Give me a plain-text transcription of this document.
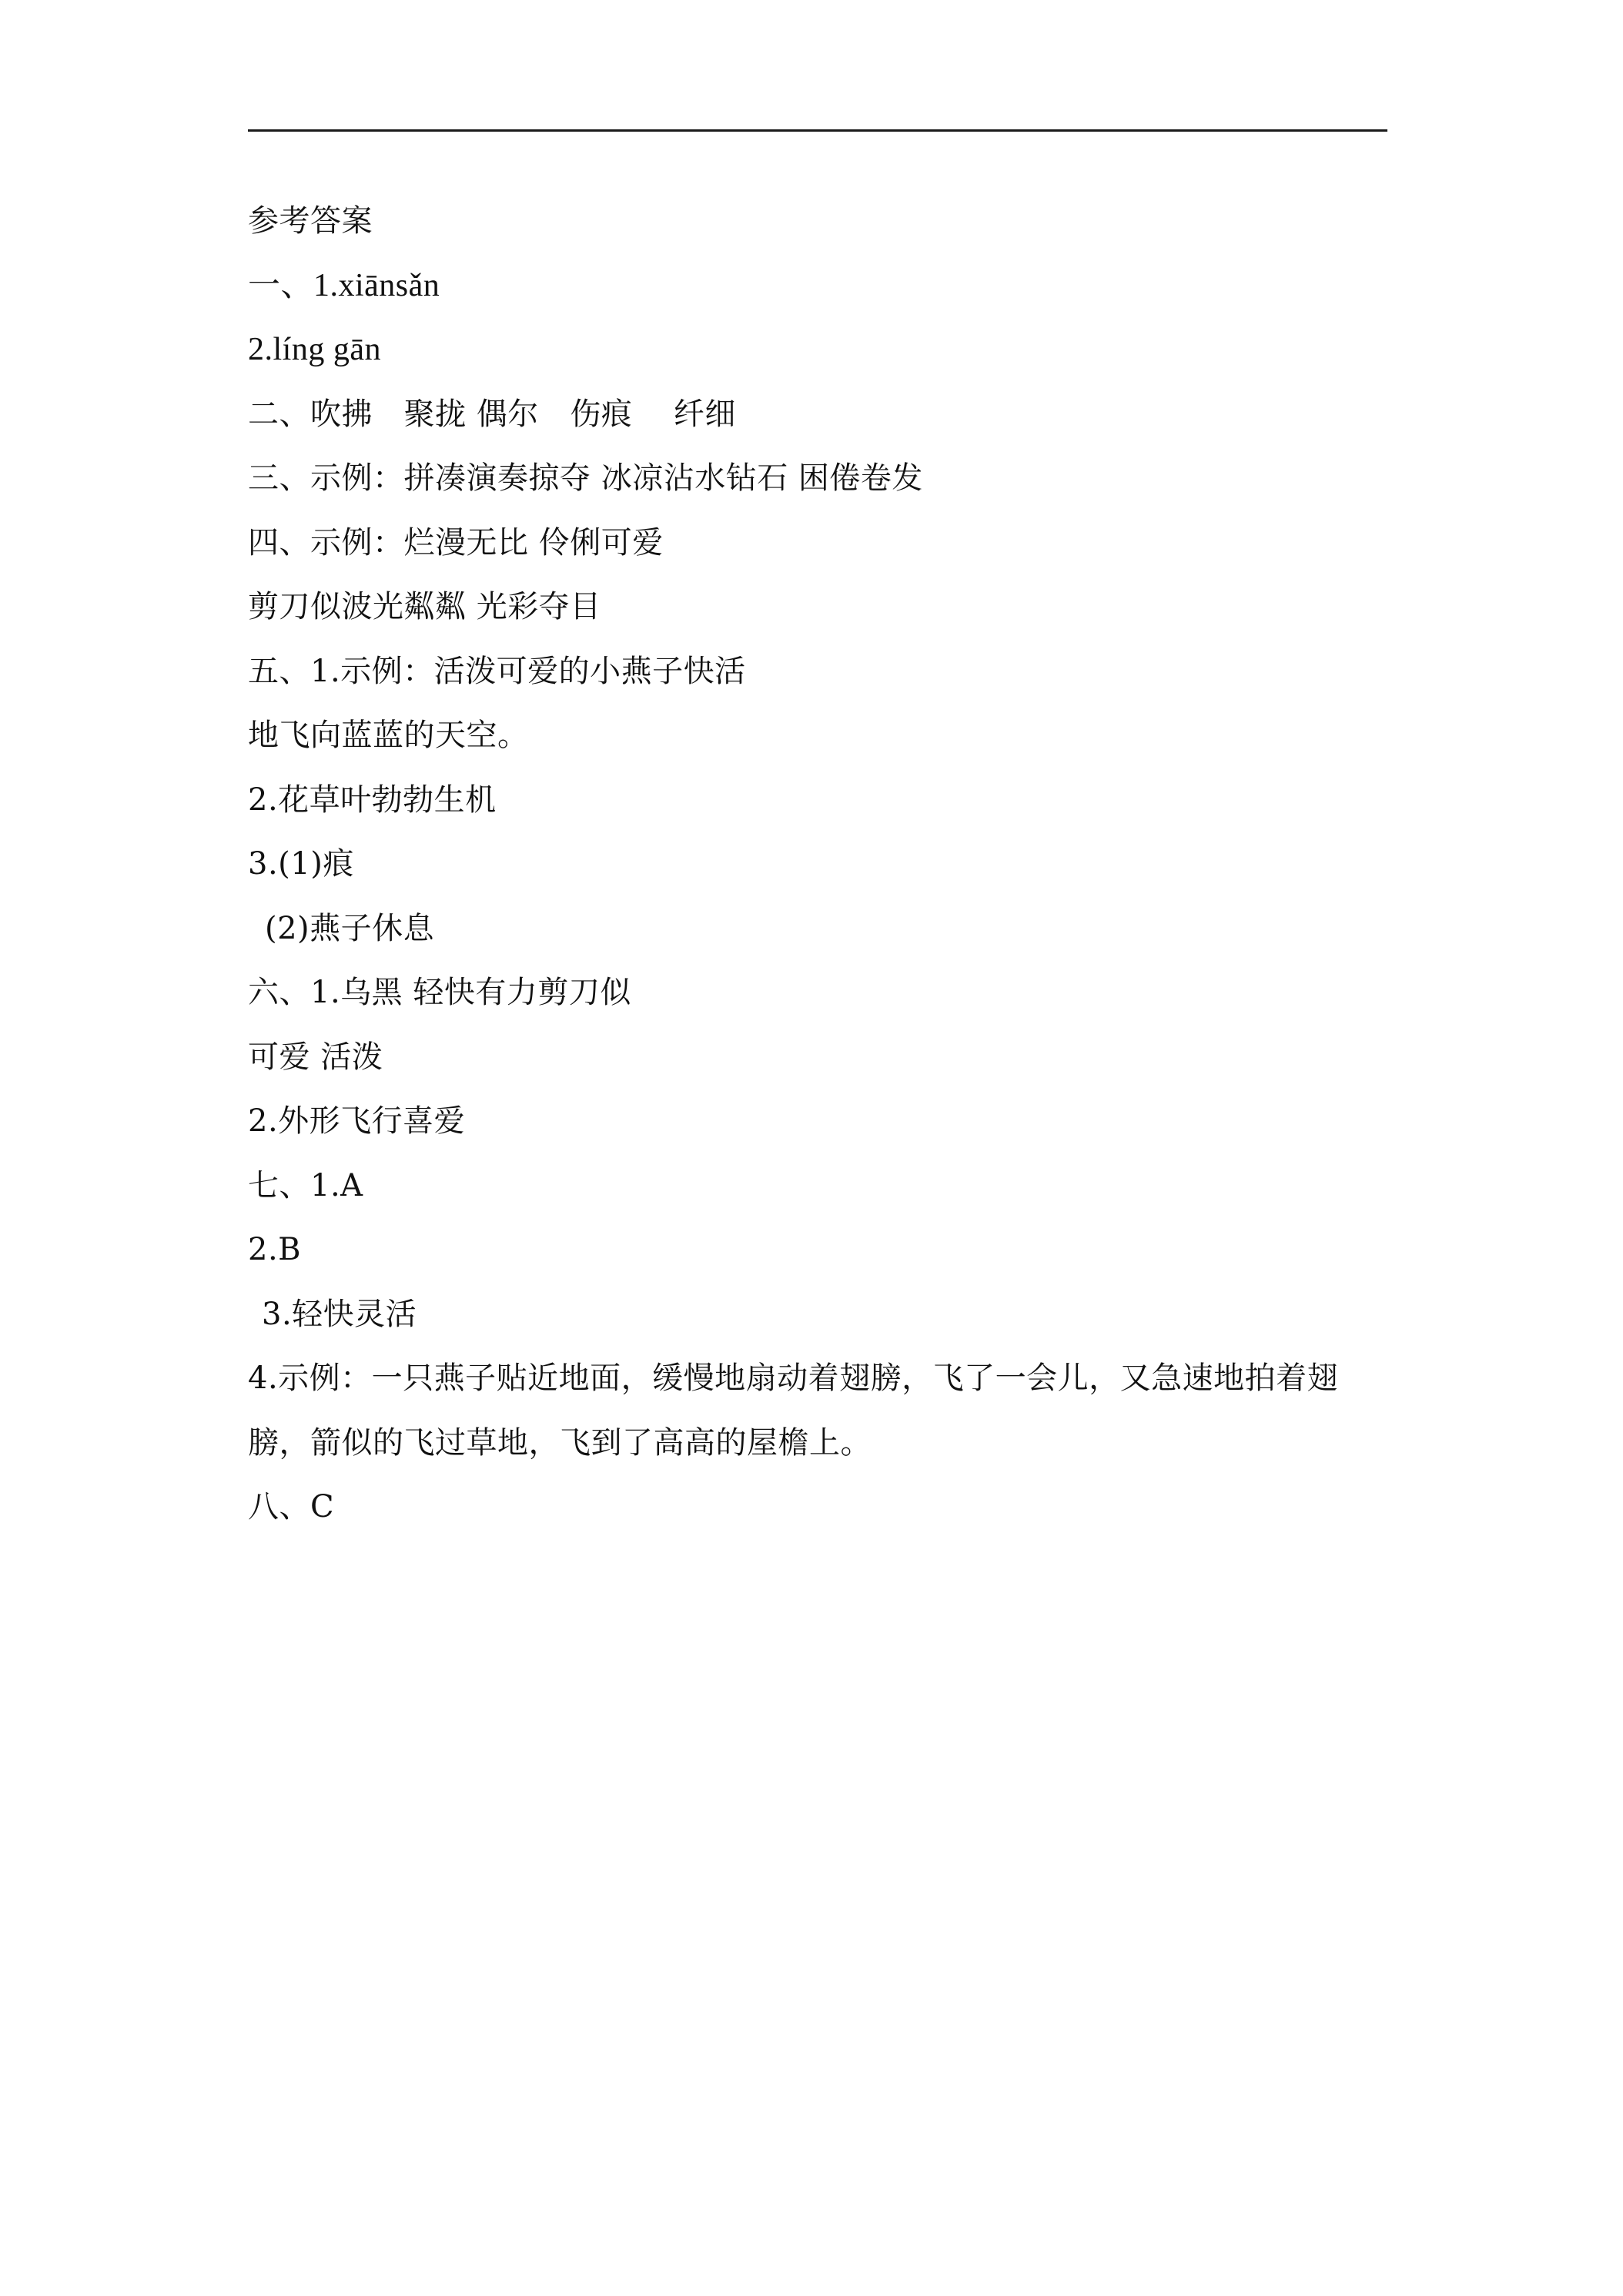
参考答案
一、1.xiānsǎn
2.líng gān
二、吹拂　聚拢 偶尔　伤痕　 纤细
三、示例：拼凑演奏掠夺 冰凉沾水钻石 困倦卷发
四、示例：烂漫无比 伶俐可爱
剪刀似波光粼粼 光彩夺目
五、1.示例：活泼可爱的小燕子快活
地飞向蓝蓝的天空。
2.花草叶勃勃生机
3.(1)痕
(2)燕子休息
六、1.乌黑 轻快有力剪刀似
可爱 活泼
2.外形飞行喜爱
七、1.A
2.B
3.轻快灵活
4.示例：一只燕子贴近地面，缓慢地扇动着翅膀，飞了一会儿，又急速地拍着翅
膀，箭似的飞过草地，飞到了高高的屋檐上。
八、C
